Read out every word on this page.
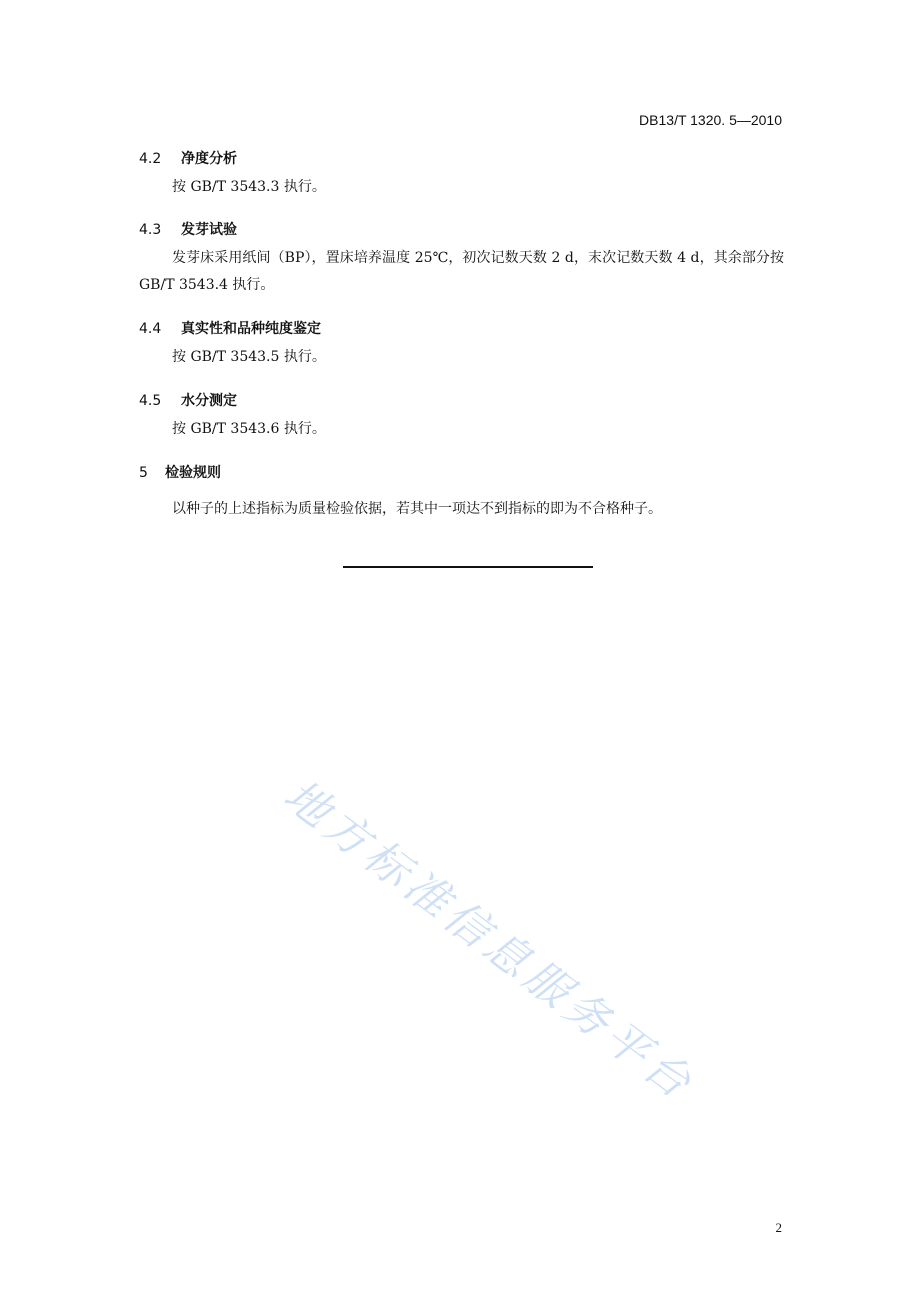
DB13/T 1320. 5—2010
4.2 净度分析
按 GB/T 3543.3 执行。
4.3 发芽试验
发芽床采用纸间（BP），置床培养温度 25℃，初次记数天数 2 d，末次记数天数 4 d，其余部分按 GB/T 3543.4 执行。
4.4 真实性和品种纯度鉴定
按 GB/T 3543.5 执行。
4.5 水分测定
按 GB/T 3543.6 执行。
5 检验规则
以种子的上述指标为质量检验依据，若其中一项达不到指标的即为不合格种子。
地方标准信息服务平台
2
